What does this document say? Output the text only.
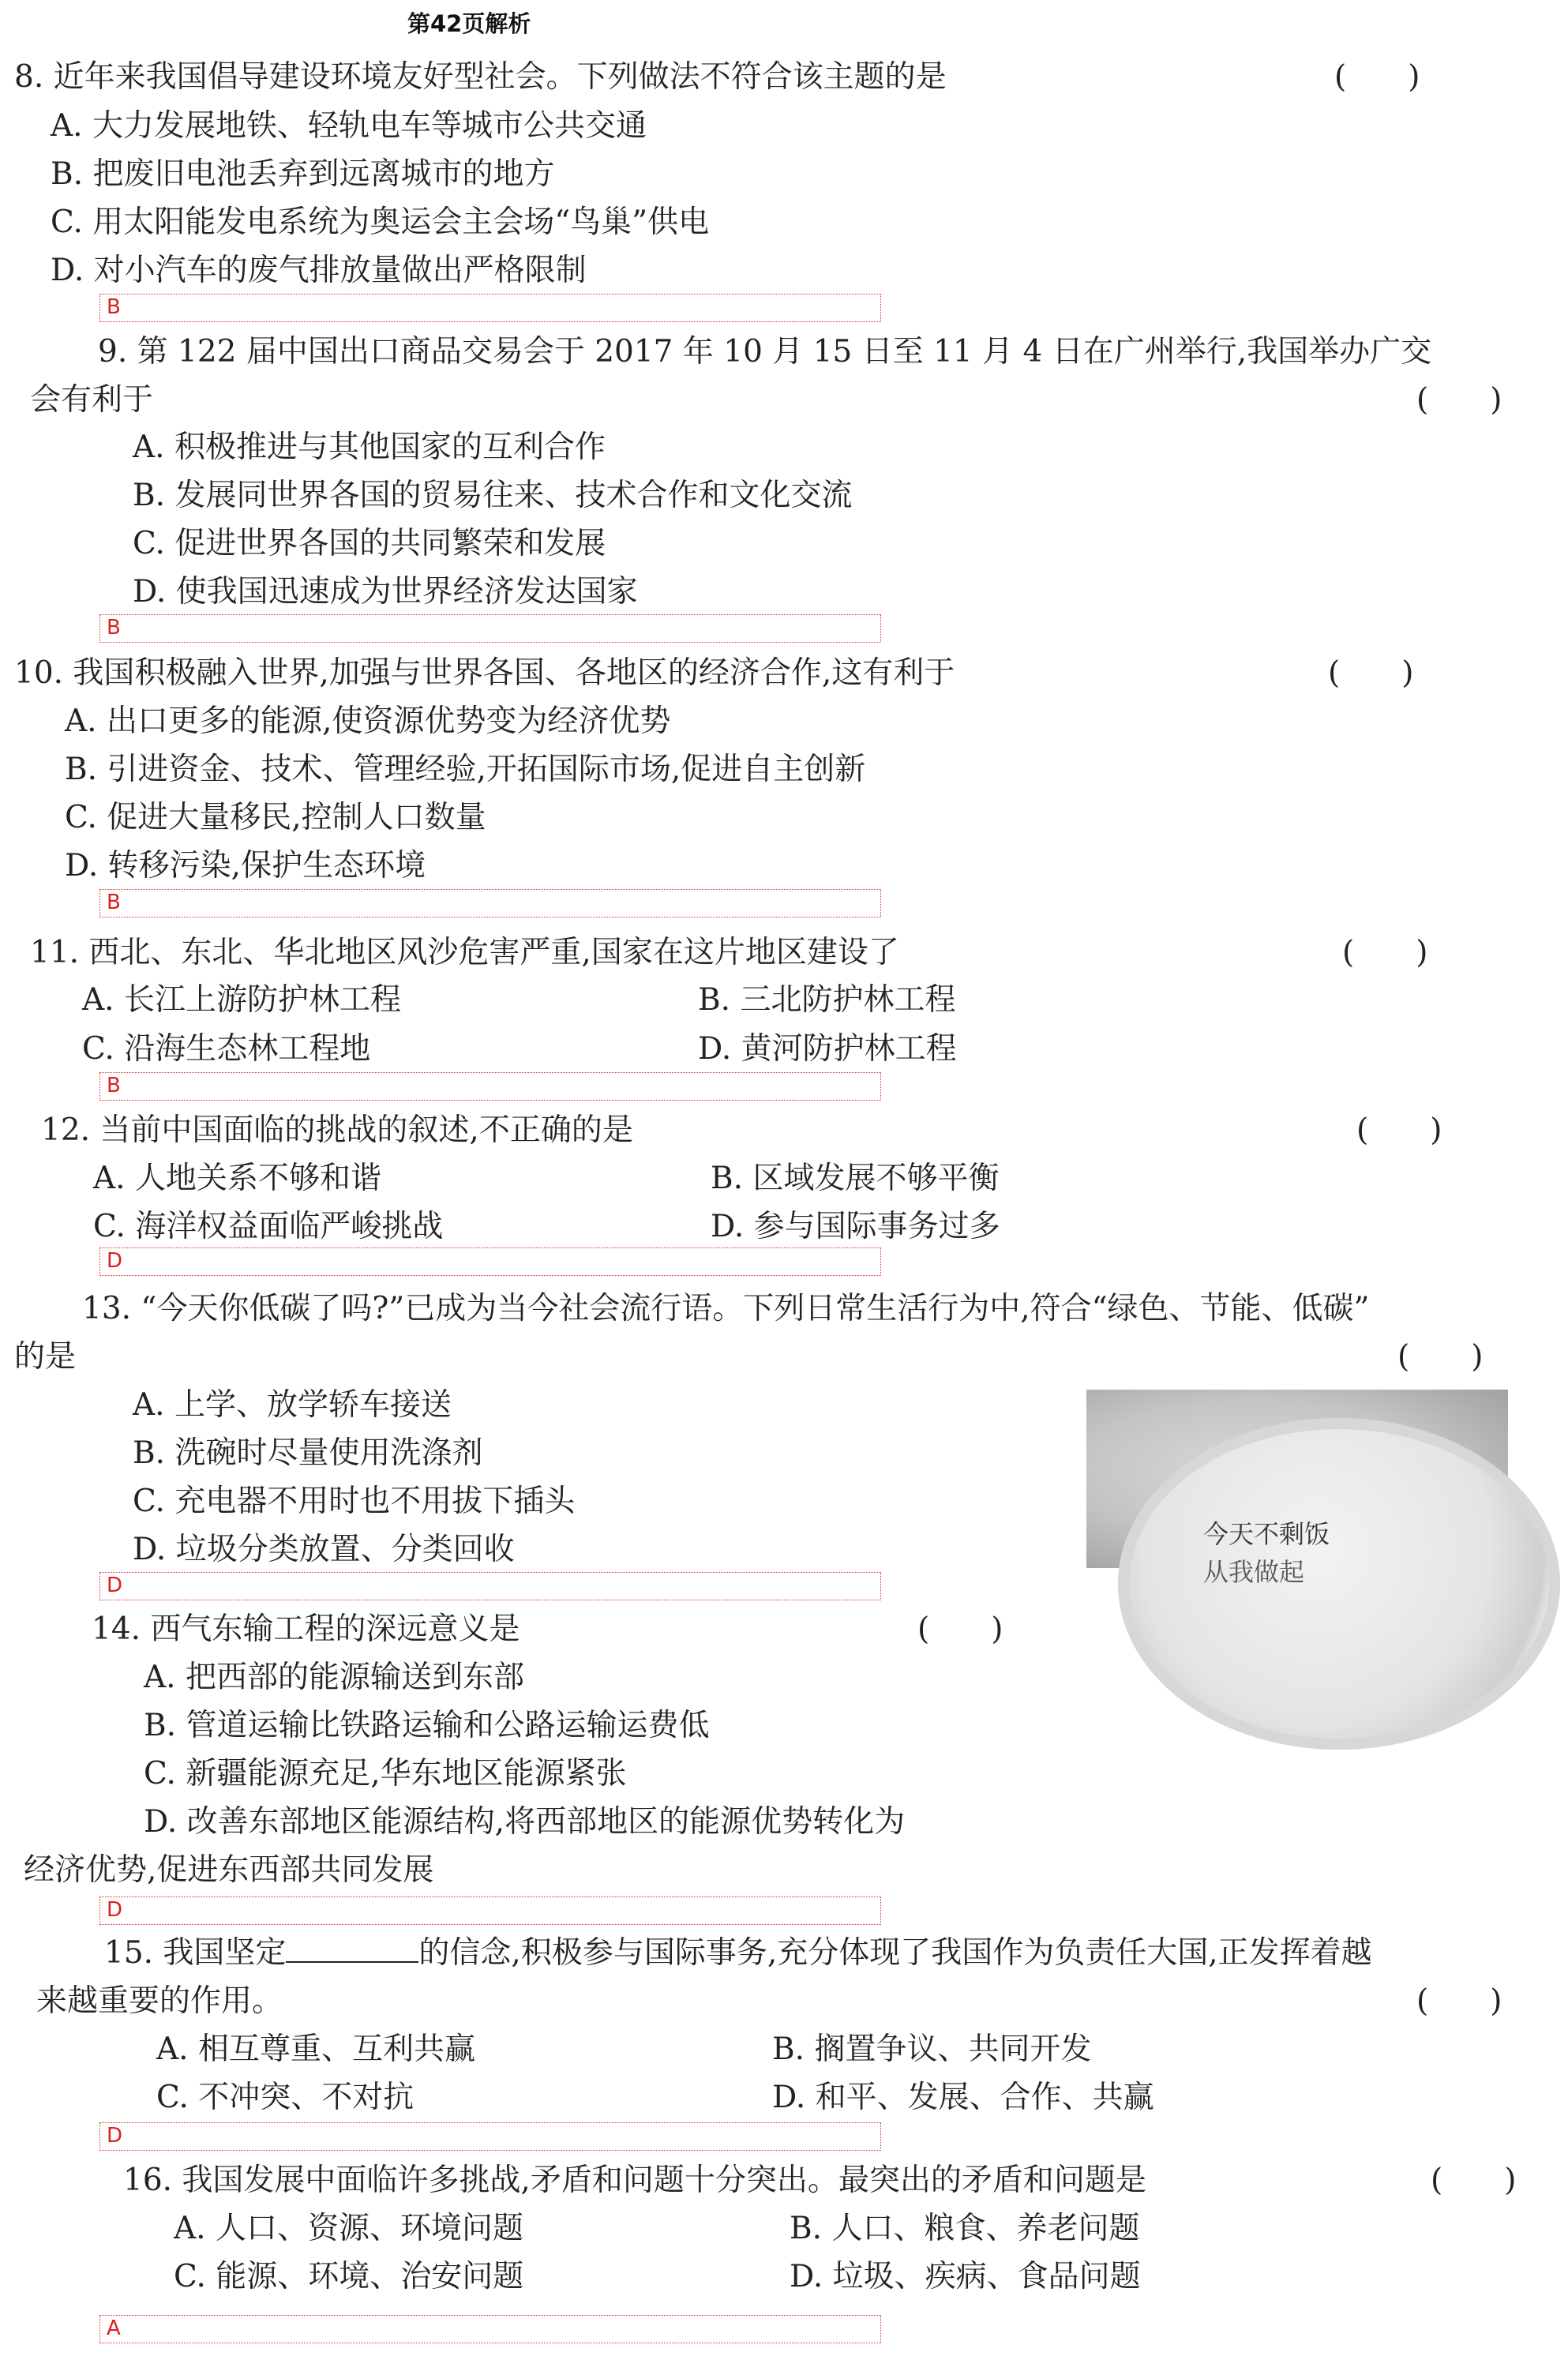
第42页解析
8. 近年来我国倡导建设环境友好型社会。下列做法不符合该主题的是	(　　)
A. 大力发展地铁、轻轨电车等城市公共交通
B. 把废旧电池丢弃到远离城市的地方
C. 用太阳能发电系统为奥运会主会场“鸟巢”供电
D. 对小汽车的废气排放量做出严格限制
B
9. 第 122 届中国出口商品交易会于 2017 年 10 月 15 日至 11 月 4 日在广州举行,我国举办广交
会有利于	(　　)
A. 积极推进与其他国家的互利合作
B. 发展同世界各国的贸易往来、技术合作和文化交流
C. 促进世界各国的共同繁荣和发展
D. 使我国迅速成为世界经济发达国家
B
10. 我国积极融入世界,加强与世界各国、各地区的经济合作,这有利于	(　　)
A. 出口更多的能源,使资源优势变为经济优势
B. 引进资金、技术、管理经验,开拓国际市场,促进自主创新
C. 促进大量移民,控制人口数量
D. 转移污染,保护生态环境
B
11. 西北、东北、华北地区风沙危害严重,国家在这片地区建设了	(　　)
A. 长江上游防护林工程	B. 三北防护林工程
C. 沿海生态林工程地	D. 黄河防护林工程
B
12. 当前中国面临的挑战的叙述,不正确的是	(　　)
A. 人地关系不够和谐	B. 区域发展不够平衡
C. 海洋权益面临严峻挑战	D. 参与国际事务过多
D
13. “今天你低碳了吗?”已成为当今社会流行语。下列日常生活行为中,符合“绿色、节能、低碳”
的是	(　　)
A. 上学、放学轿车接送
B. 洗碗时尽量使用洗涤剂
C. 充电器不用时也不用拔下插头
D. 垃圾分类放置、分类回收	今天不剩饭
从我做起
D
14. 西气东输工程的深远意义是	(　　)
A. 把西部的能源输送到东部
B. 管道运输比铁路运输和公路运输运费低
C. 新疆能源充足,华东地区能源紧张
D. 改善东部地区能源结构,将西部地区的能源优势转化为
经济优势,促进东西部共同发展
D
15. 我国坚定	的信念,积极参与国际事务,充分体现了我国作为负责任大国,正发挥着越
来越重要的作用。	(　　)
A. 相互尊重、互利共赢	B. 搁置争议、共同开发
C. 不冲突、不对抗	D. 和平、发展、合作、共赢
D
16. 我国发展中面临许多挑战,矛盾和问题十分突出。最突出的矛盾和问题是	(　　)
A. 人口、资源、环境问题	B. 人口、粮食、养老问题
C. 能源、环境、治安问题	D. 垃圾、疾病、食品问题
A
